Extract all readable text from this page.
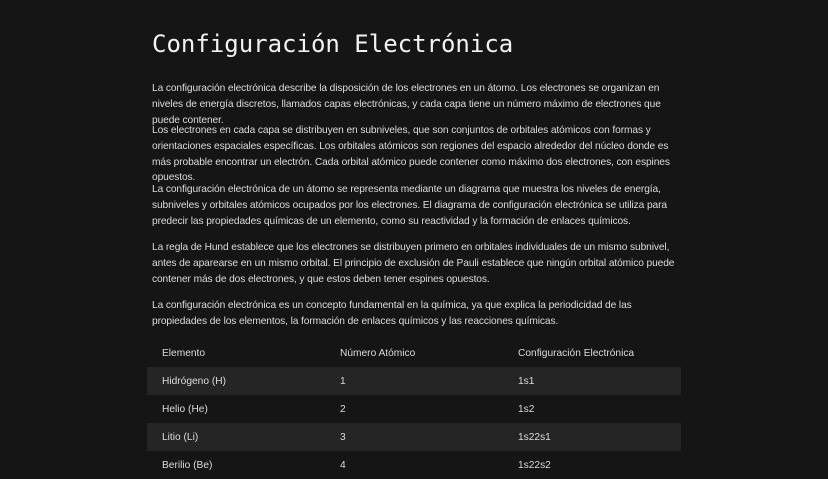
Configuración Electrónica

La configuración electrónica describe la disposición de los electrones en un átomo. Los electrones se organizan en niveles de energía discretos, llamados capas electrónicas, y cada capa tiene un número máximo de electrones que puede contener.

Los electrones en cada capa se distribuyen en subniveles, que son conjuntos de orbitales atómicos con formas y orientaciones espaciales específicas. Los orbitales atómicos son regiones del espacio alrededor del núcleo donde es más probable encontrar un electrón. Cada orbital atómico puede contener como máximo dos electrones, con espines opuestos.

La configuración electrónica de un átomo se representa mediante un diagrama que muestra los niveles de energía, subniveles y orbitales atómicos ocupados por los electrones. El diagrama de configuración electrónica se utiliza para predecir las propiedades químicas de un elemento, como su reactividad y la formación de enlaces químicos.

La regla de Hund establece que los electrones se distribuyen primero en orbitales individuales de un mismo subnivel, antes de aparearse en un mismo orbital. El principio de exclusión de Pauli establece que ningún orbital atómico puede contener más de dos electrones, y que estos deben tener espines opuestos.

La configuración electrónica es un concepto fundamental en la química, ya que explica la periodicidad de las propiedades de los elementos, la formación de enlaces químicos y las reacciones químicas.

Elemento	Número Atómico	Configuración Electrónica
Hidrógeno (H)	1	1s1
Helio (He)	2	1s2
Litio (Li)	3	1s22s1
Berilio (Be)	4	1s22s2
